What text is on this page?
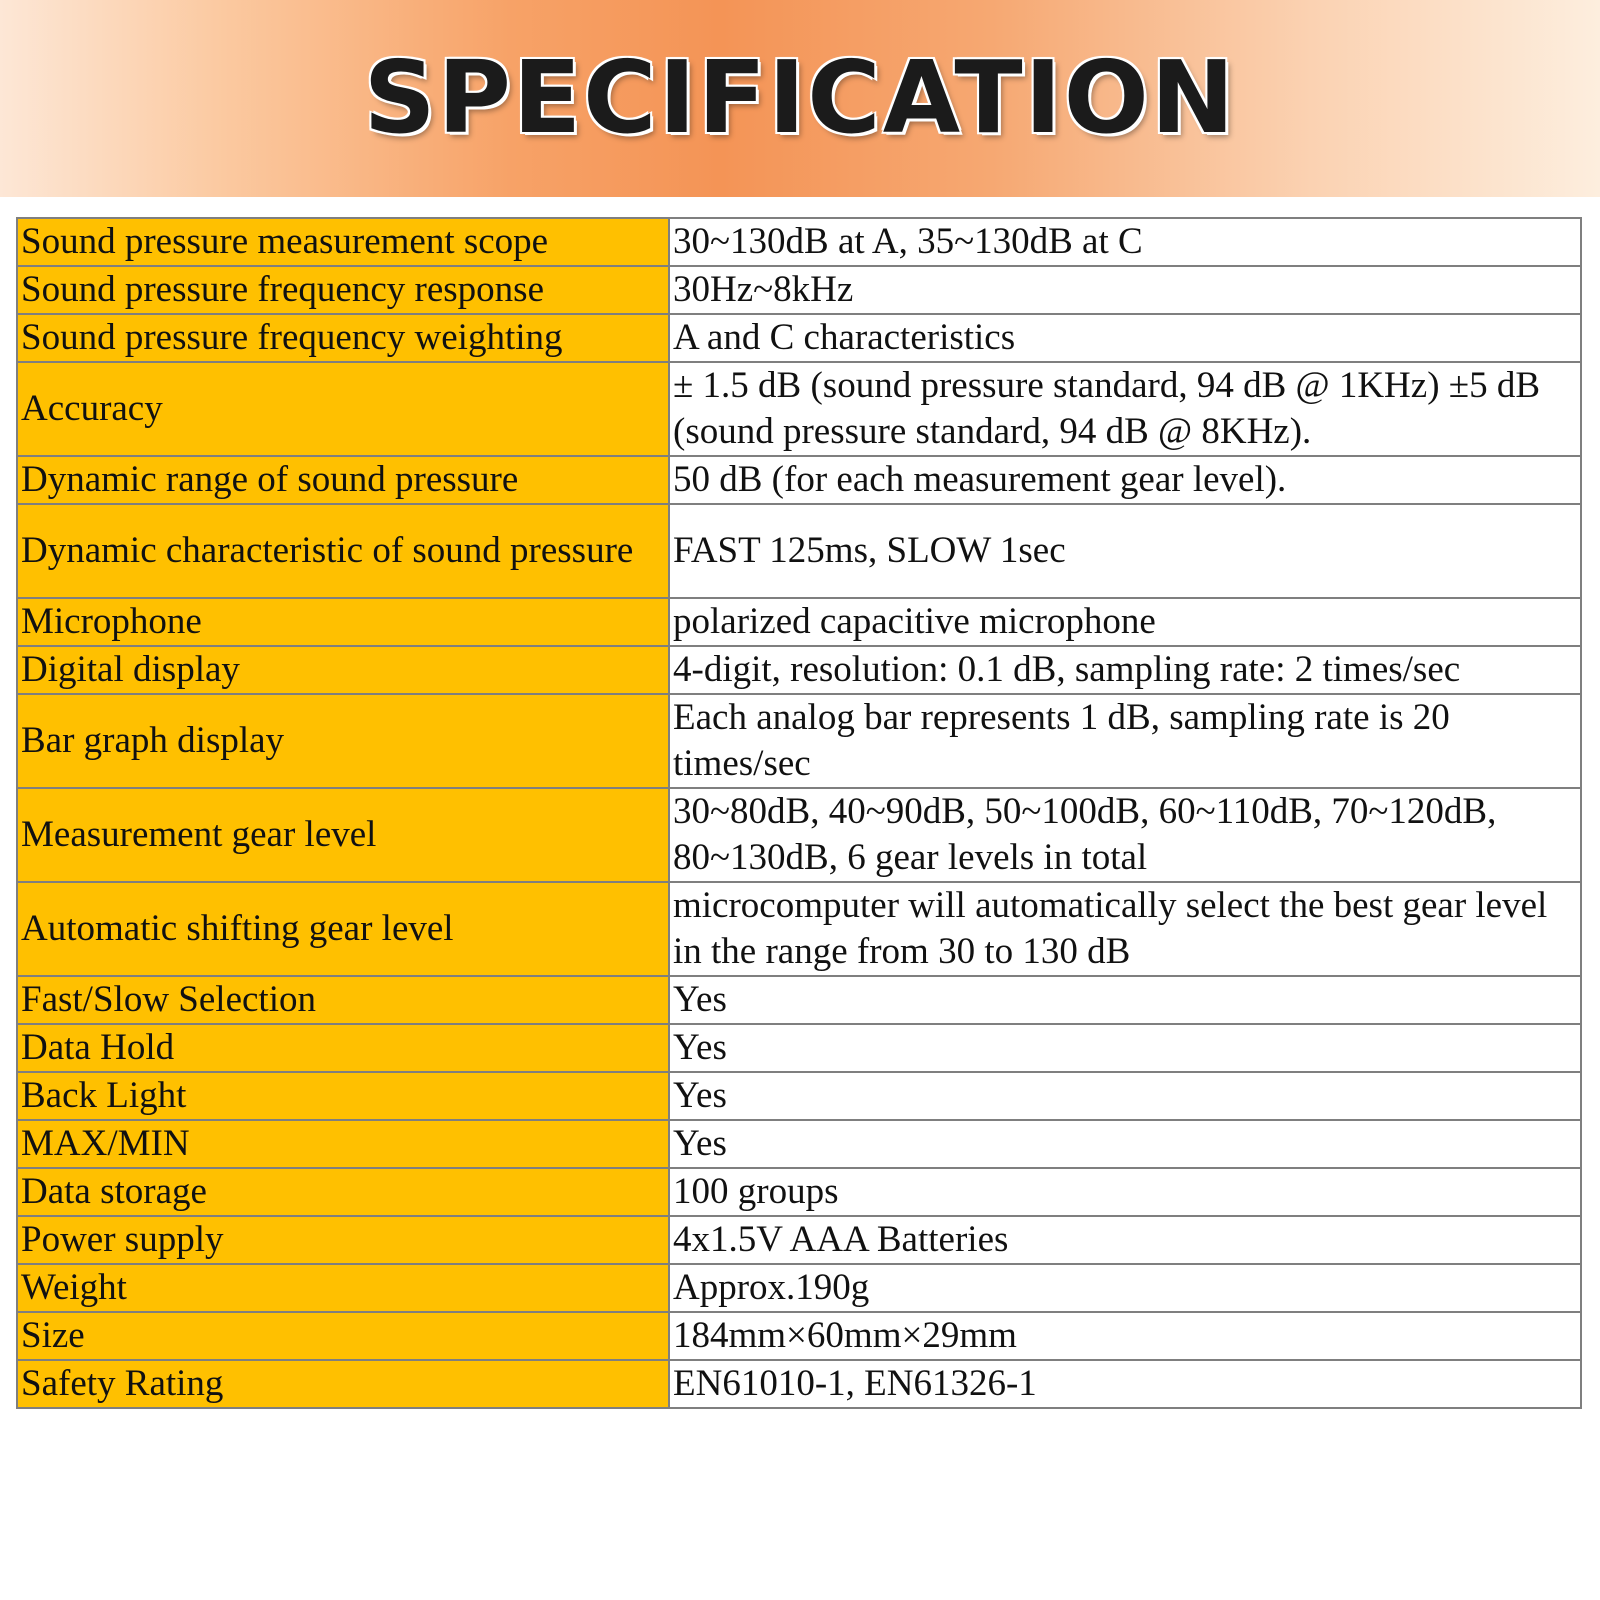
SPECIFICATION
Sound pressure measurement scope	30~130dB at A, 35~130dB at C
Sound pressure frequency response	30Hz~8kHz
Sound pressure frequency weighting	A and C characteristics
Accuracy	± 1.5 dB (sound pressure standard, 94 dB @ 1KHz) ±5 dB (sound pressure standard, 94 dB @ 8KHz).
Dynamic range of sound pressure	50 dB (for each measurement gear level).
Dynamic characteristic of sound pressure	FAST 125ms, SLOW 1sec
Microphone	polarized capacitive microphone
Digital display	4-digit, resolution: 0.1 dB, sampling rate: 2 times/sec
Bar graph display	Each analog bar represents 1 dB, sampling rate is 20 times/sec
Measurement gear level	30~80dB, 40~90dB, 50~100dB, 60~110dB, 70~120dB, 80~130dB, 6 gear levels in total
Automatic shifting gear level	microcomputer will automatically select the best gear level in the range from 30 to 130 dB
Fast/Slow Selection	Yes
Data Hold	Yes
Back Light	Yes
MAX/MIN	Yes
Data storage	100 groups
Power supply	4x1.5V AAA Batteries
Weight	Approx.190g
Size	184mm×60mm×29mm
Safety Rating	EN61010-1, EN61326-1
